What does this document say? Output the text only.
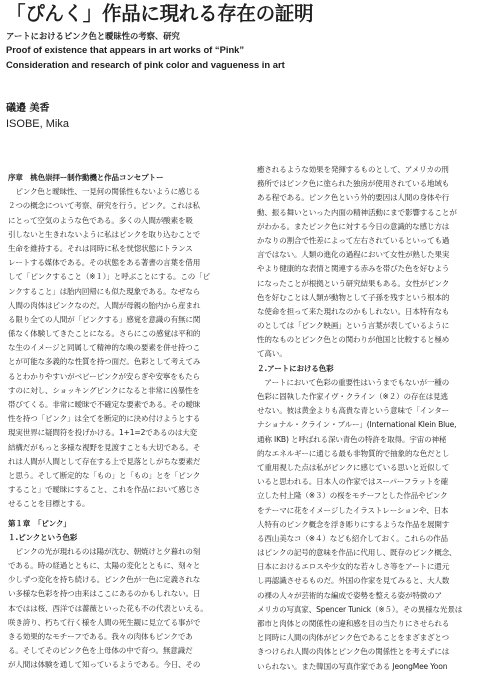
「ぴんく」作品に現れる存在の証明
アートにおけるピンク色と曖昧性の考察、研究
Proof of existence that appears in art works of “Pink”
Consideration and research of pink color and vagueness in art
礒邉 美香
ISOBE, Mika
序章　桃色崇拝ー制作動機と作品コンセプトー
　ピンク色と曖昧性、一見何の関係性もないように感じる
２つの概念について考察、研究を行う。ピンク。これは私
にとって空気のような色である。多くの人間が酸素を吸
引しないと生きれないように私はピンクを取り込むことで
生命を維持する。それは同時に私を恍惚状態にトランス
レートする媒体である。その状態をある著書の言葉を借用
して「ピンクすること（※１）」と呼ぶことにする。この「ピ
ンクすること」は胎内回帰にも似た現象である。なぜなら
人間の肉体はピンクなのだ。人間が母親の胎内から産まれ
る限り全ての人間が「ピンクする」感覚を意識の有無に関
係なく体験してきたことになる。さらにこの感覚は平和的
な生のイメージと同属して精神的な喚の要素を併せ持つこ
とが可能な多義的な性質を持つ面だ。色彩として考えてみ
るとわかりやすいがベビーピンクが安らぎや安寧をもたら
すのに対し、ショッキングピンクになると非常に凶暴性を
帯びてくる。非常に曖昧で不確定な要素である。その曖昧
性を持つ「ピンク」は全てを断定的に決め付けようとする
現実世界に疑問符を投げかける。1+1=2であるのは大変
結構だがもっと多様な視野を見渡すことも大切である。そ
れは人間が人間として存在する上で見落としがちな要素だ
と思う。そして断定的な「もの」と「もの」とを「ピンク
すること」で曖昧にすること、これを作品において感じさ
せることを目標とする。
第１章　「ピンク」
１.ピンクという色彩
　ピンクの光が現れるのは陽が沈む、朝焼けと夕暮れの刻
である。時の経過とともに、太陽の変化とともに、刻々と
少しずつ変化を持ち続ける。ピンク色が一色に定義されな
い多様な色彩を持つ由来はここにあるのかもしれない。日
本ではは桜、西洋では薔薇といった花も不の代表といえる。
咲き誇り、朽ちて行く様を人間の死生観に見立てる事がで
きる効果的なモチーフである。我々の肉体もピンクであ
る。そしてそのピンク色を上母体の中で育つ。無意識だ
が人間は体験を通して知っているようである。今日、その
癒されるような効果を発揮するものとして、アメリカの刑
務所ではピンク色に塗られた独房が使用されている地域も
ある程である。ピンク色という外的要因は人間の身体や行
動、振る舞いといった内面の精神活動にまで影響することが
がわかる。またピンク色に対する今日の意識的な感じ方は
かなりの割合で性差によって左右されているといっても過
言ではない。人類の進化の過程において女性が熟した果実
やより健康的な表情と関連する赤みを帯びた色を好むよう
になったことが根拠という研究結果もある。女性がピンク
色を好むことは人類が動物として子孫を残すという根本的
な使命を担って来た現れなのかもしれない。日本特有なも
のとしては「ピンク映画」という言葉が表しているように
性的なものとピンク色との関わりが他国と比較すると極め
て高い。
２.アートにおける色彩
　アートにおいて色彩の重要性はいうまでもないが一種の
色彩に固執した作家イヴ・クライン（※２）の存在は見逃
せない。彼は黄金よりも高貴な青という意味で「インター
ナショナル・クライン・ブルー」(International Klein Blue,
通称 IKB) と呼ばれる深い青色の特許を取得。宇宙の神秘
的なエネルギーに通じる最も非物質的で抽象的な色だとし
て重用視した点は私がピンクに感じている思いと近似して
いると思われる。日本人の作家ではスーパーフラットを確
立した村上隆（※３）の桜をモチーフとした作品やピンク
をテーマに花をイメージしたイラストレーションや、日本
人特有のピンク概念を浮き彫りにするような作品を展開す
る西山美なコ（※４）なども紹介しておく。これらの作品
はピンクの記号的意味を作品に代用し、既存のピンク概念、
日本におけるエロスや少女的な若々しさ等をアートに還元
し再認識させるものだ。外国の作家を見てみると、大人数
の裸の人々が芸術的な編成で姿勢を整える姿が特徴のア
メリカの写真家、Spencer Tunick（※５）。その異様な光景は
都市と肉体との関係性の違和感を目の当たりにさせられる
と同時に人間の肉体がピンク色であることをまざまざとつ
きつけられ人間の肉体とピンク色の関係性とを考えずには
いられない。また韓国の写真作家である JeongMee Yoon
